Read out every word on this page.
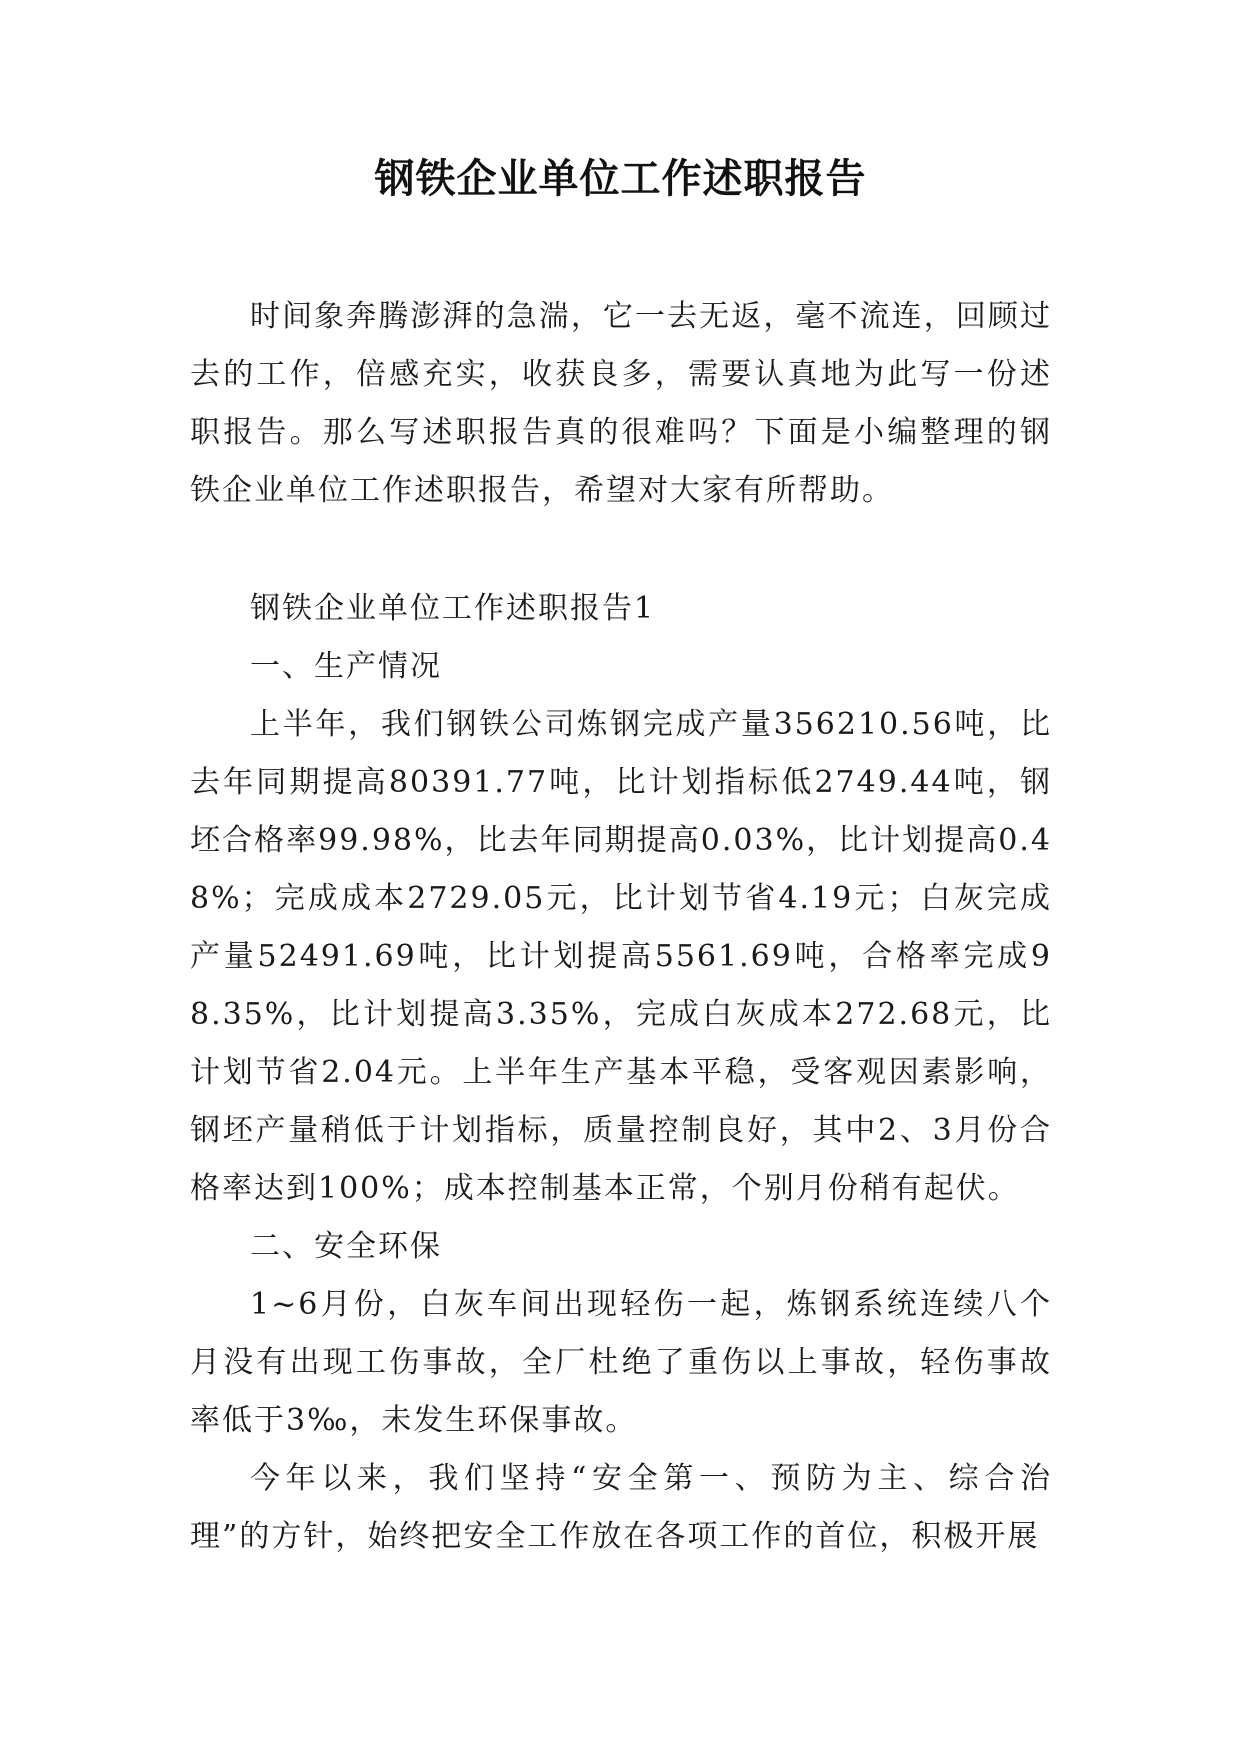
钢铁企业单位工作述职报告

时间象奔腾澎湃的急湍，它一去无返，毫不流连，回顾过去的工作，倍感充实，收获良多，需要认真地为此写一份述职报告。那么写述职报告真的很难吗？下面是小编整理的钢铁企业单位工作述职报告，希望对大家有所帮助。

钢铁企业单位工作述职报告1

一、生产情况

上半年，我们钢铁公司炼钢完成产量356210.56吨，比去年同期提高80391.77吨，比计划指标低2749.44吨，钢坯合格率99.98%，比去年同期提高0.03%，比计划提高0.48%；完成成本2729.05元，比计划节省4.19元；白灰完成产量52491.69吨，比计划提高5561.69吨，合格率完成98.35%，比计划提高3.35%，完成白灰成本272.68元，比计划节省2.04元。上半年生产基本平稳，受客观因素影响，钢坯产量稍低于计划指标，质量控制良好，其中2、3月份合格率达到100%；成本控制基本正常，个别月份稍有起伏。

二、安全环保

1~6月份，白灰车间出现轻伤一起，炼钢系统连续八个月没有出现工伤事故，全厂杜绝了重伤以上事故，轻伤事故率低于3‰，未发生环保事故。

今年以来，我们坚持“安全第一、预防为主、综合治理”的方针，始终把安全工作放在各项工作的首位，积极开展
